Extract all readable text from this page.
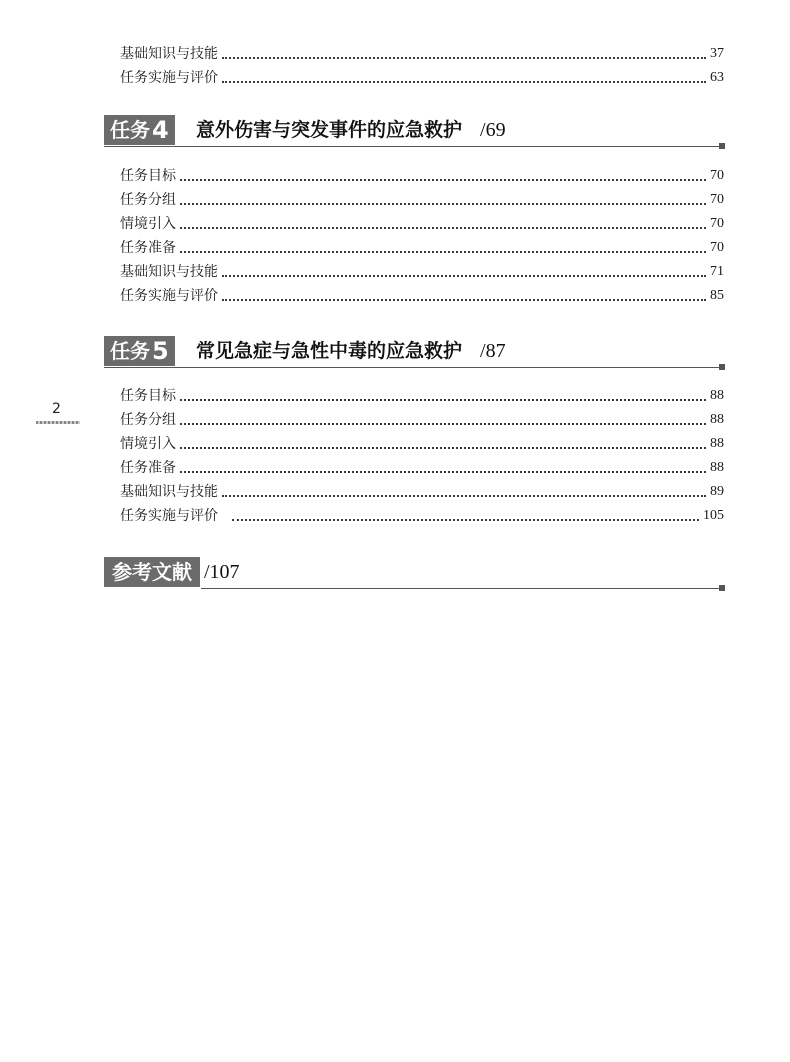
基础知识与技能	37
任务实施与评价	63
任务 4 意外伤害与突发事件的应急救护 /69
任务目标	70
任务分组	70
情境引入	70
任务准备	70
基础知识与技能	71
任务实施与评价	85
任务 5 常见急症与急性中毒的应急救护 /87
2
任务目标	88
任务分组	88
情境引入	88
任务准备	88
基础知识与技能	89
任务实施与评价	105
参考文献 /107
